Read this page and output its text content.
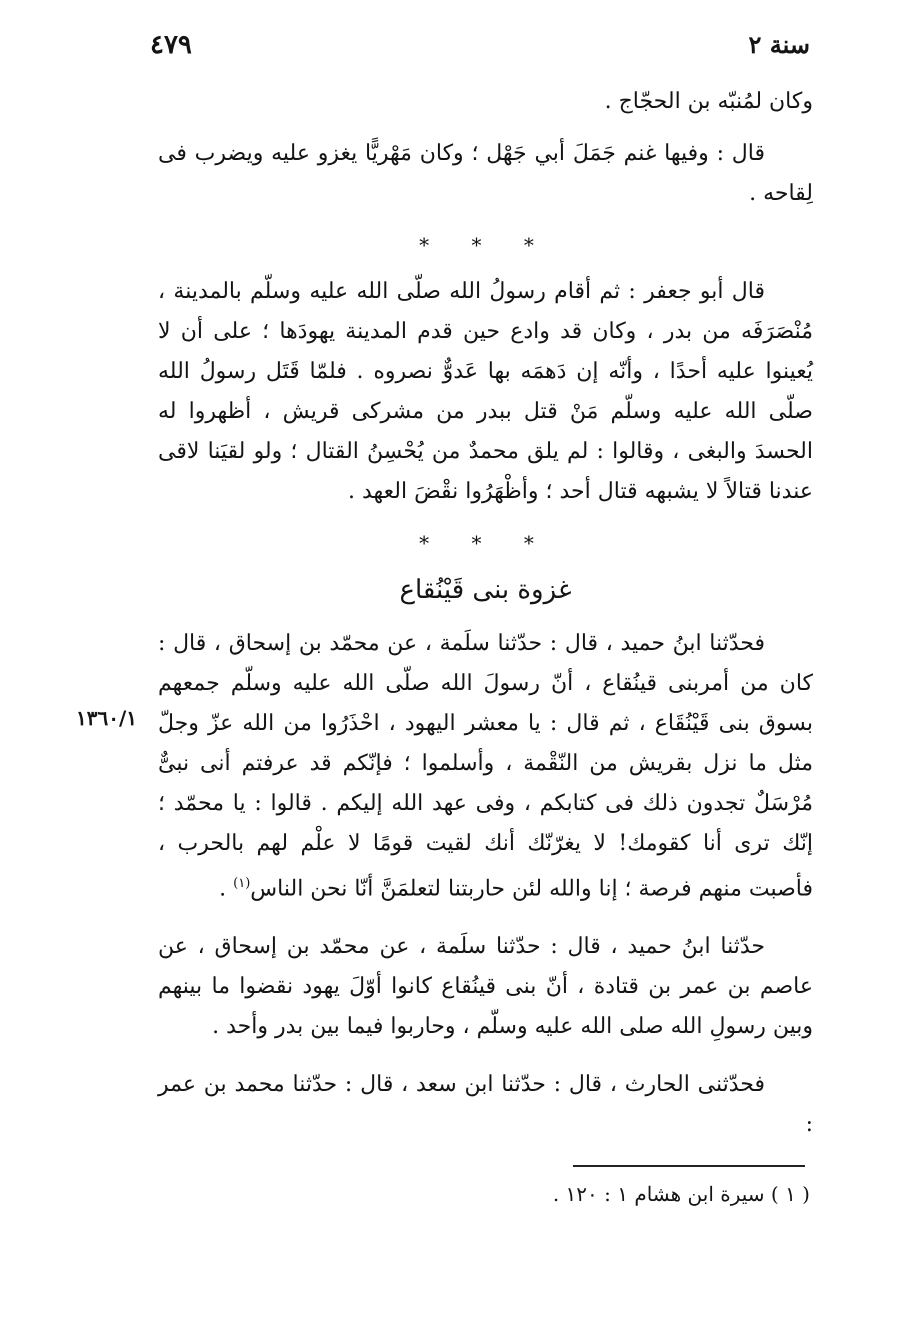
سنة ٢
٤٧٩
١٣٦٠/١

وكان لمُنبّه بن الحجّاج .

قال : وفيها غنم جَمَلَ أبي جَهْل ؛ وكان مَهْريًّا يغزو عليه ويضرب فى لِقاحه .

* * *

قال أبو جعفر : ثم أقام رسولُ الله صلّى الله عليه وسلّم بالمدينة ، مُنْصَرَفَه من بدر ، وكان قد وادع حين قدم المدينة يهودَها ؛ على أن لا يُعينوا عليه أحدًا ، وأنّه إن دَهمَه بها عَدوٌّ نصروه . فلمّا قَتَل رسولُ الله صلّى الله عليه وسلّم مَنْ قتل ببدر من مشركى قريش ، أظهروا له الحسدَ والبغى ، وقالوا : لم يلق محمدٌ من يُحْسِنُ القتال ؛ ولو لقيَنا لاقى عندنا قتالاً لا يشبهه قتال أحد ؛ وأظْهَرُوا نقْضَ العهد .

* * *
غزوة بنى قَيْنُقاع

فحدّثنا ابنُ حميد ، قال : حدّثنا سلَمة ، عن محمّد بن إسحاق ، قال : كان من أمربنى قينُقاع ، أنّ رسولَ الله صلّى الله عليه وسلّم جمعهم بسوق بنى قَيْنُقَاع ، ثم قال : يا معشر اليهود ، احْذَرُوا من الله عزّ وجلّ مثل ما نزل بقريش من النّقْمة ، وأسلموا ؛ فإنّكم قد عرفتم أنى نبىٌّ مُرْسَلٌ تجدون ذلك فى كتابكم ، وفى عهد الله إليكم . قالوا : يا محمّد ؛ إنّك ترى أنا كقومك! لا يغرّنّك أنك لقيت قومًا لا علْم لهم بالحرب ، فأصبت منهم فرصة ؛ إنا والله لئن حاربتنا لتعلمَنَّ أنّا نحن الناس$^{(١)}$ .

حدّثنا ابنُ حميد ، قال : حدّثنا سلَمة ، عن محمّد بن إسحاق ، عن عاصم بن عمر بن قتادة ، أنّ بنى قينُقاع كانوا أوّلَ يهود نقضوا ما بينهم وبين رسولِ الله صلى الله عليه وسلّم ، وحاربوا فيما بين بدر وأحد .

فحدّثنى الحارث ، قال : حدّثنا ابن سعد ، قال : حدّثنا محمد بن عمر :

( ١ ) سيرة ابن هشام ١ : ١٢٠ .
